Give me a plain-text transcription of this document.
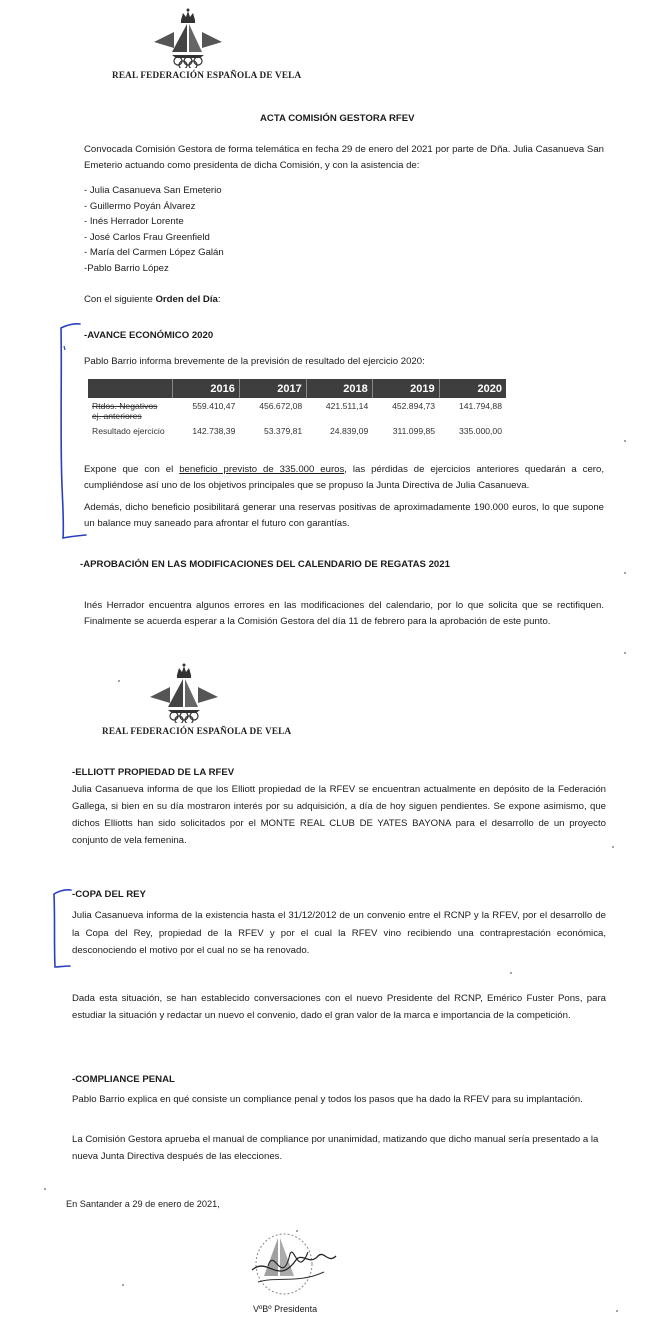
REAL FEDERACIÓN ESPAÑOLA DE VELA
ACTA COMISIÓN GESTORA RFEV
Convocada Comisión Gestora de forma telemática en fecha 29 de enero del 2021 por parte de Dña. Julia Casanueva San Emeterio actuando como presidenta de dicha Comisión, y con la asistencia de:
- Julia Casanueva San Emeterio
- Guillermo Poyán Álvarez
- Inés Herrador Lorente
- José Carlos Frau Greenfield
- María del Carmen López Galán
-Pablo Barrio López
Con el siguiente Orden del Día:
-AVANCE ECONÓMICO 2020
Pablo Barrio informa brevemente de la previsión de resultado del ejercicio 2020:
	2016	2017	2018	2019	2020
Rtdos. Negativos ej. anteriores	559.410,47	456.672,08	421.511,14	452.894,73	141.794,88
Resultado ejercicio	142.738,39	53.379,81	24.839,09	311.099,85	335.000,00
Expone que con el beneficio previsto de 335.000 euros, las pérdidas de ejercicios anteriores quedarán a cero, cumpliéndose así uno de los objetivos principales que se propuso la Junta Directiva de Julia Casanueva.
Además, dicho beneficio posibilitará generar una reservas positivas de aproximadamente 190.000 euros, lo que supone un balance muy saneado para afrontar el futuro con garantías.
-APROBACIÓN EN LAS MODIFICACIONES DEL CALENDARIO DE REGATAS 2021
Inés Herrador encuentra algunos errores en las modificaciones del calendario, por lo que solicita que se rectifiquen. Finalmente se acuerda esperar a la Comisión Gestora del día 11 de febrero para la aprobación de este punto.
REAL FEDERACIÓN ESPAÑOLA DE VELA
-ELLIOTT PROPIEDAD DE LA RFEV
Julia Casanueva informa de que los Elliott propiedad de la RFEV se encuentran actualmente en depósito de la Federación Gallega, si bien en su día mostraron interés por su adquisición, a día de hoy siguen pendientes. Se expone asimismo, que dichos Elliotts han sido solicitados por el MONTE REAL CLUB DE YATES BAYONA para el desarrollo de un proyecto conjunto de vela femenina.
-COPA DEL REY
Julia Casanueva informa de la existencia hasta el 31/12/2012 de un convenio entre el RCNP y la RFEV, por el desarrollo de la Copa del Rey, propiedad de la RFEV y por el cual la RFEV vino recibiendo una contraprestación económica, desconociendo el motivo por el cual no se ha renovado.
Dada esta situación, se han establecido conversaciones con el nuevo Presidente del RCNP, Emérico Fuster Pons, para estudiar la situación y redactar un nuevo el convenio, dado el gran valor de la marca e importancia de la competición.
-COMPLIANCE PENAL
Pablo Barrio explica en qué consiste un compliance penal y todos los pasos que ha dado la RFEV para su implantación.
La Comisión Gestora aprueba el manual de compliance por unanimidad, matizando que dicho manual sería presentado a la nueva Junta Directiva después de las elecciones.
En Santander a 29 de enero de 2021,
VºBº Presidenta
